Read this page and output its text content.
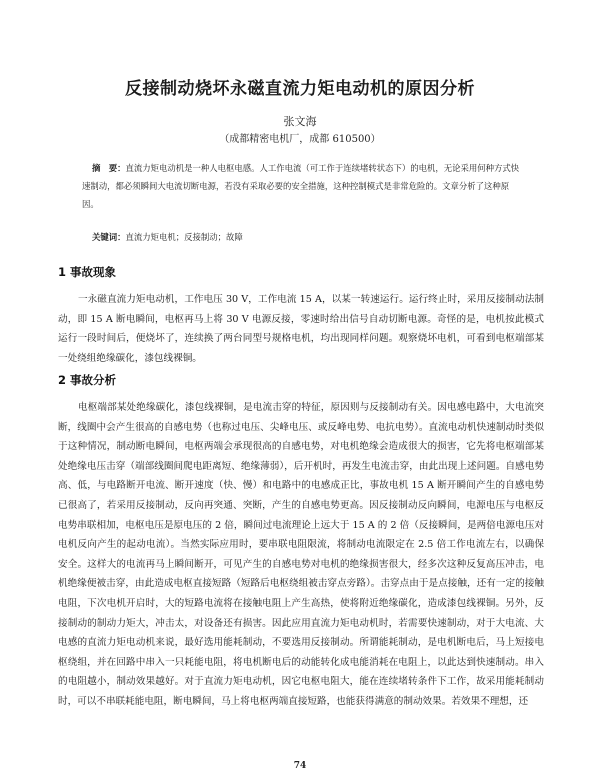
反接制动烧坏永磁直流力矩电动机的原因分析
张文海
（成都精密电机厂，成都 610500）
摘　要：直流力矩电动机是一种人电枢电感。人工作电流（可工作于连续堵转状态下）的电机，无论采用何种方式快速制动，都必须瞬间大电流切断电源，若没有采取必要的安全措施，这种控制模式是非常危险的。文章分析了这种原因。
关键词：直流力矩电机；反接制动；故障
1 事故现象
一永磁直流力矩电动机，工作电压 30 V，工作电流 15 A，以某一转速运行。运行终止时，采用反接制动法制动，即 15 A 断电瞬间，电枢再马上将 30 V 电源反接，零速时给出信号自动切断电源。奇怪的是，电机按此模式运行一段时间后，便烧坏了，连续换了两台同型号规格电机，均出现同样问题。观察烧坏电机，可看到电枢端部某一处绕组绝缘碳化，漆包线裸铜。
2 事故分析
电枢端部某处绝缘碳化，漆包线裸铜，是电流击穿的特征，原因则与反接制动有关。因电感电路中，大电流突断，线圈中会产生很高的自感电势（也称过电压、尖峰电压、或反峰电势、电抗电势）。直流电动机快速制动时类似于这种情况，制动断电瞬间，电枢两端会承现很高的自感电势，对电机绝缘会造成很大的损害，它先将电枢端部某处绝缘电压击穿（端部线圈间爬电距离短、绝缘薄弱），后开机时，再发生电流击穿，由此出现上述问题。自感电势高、低，与电路断开电流、断开速度（快、慢）和电路中的电感成正比，事故电机 15 A 断开瞬间产生的自感电势已很高了，若采用反接制动，反向再突通、突断，产生的自感电势更高。因反接制动反向瞬间，电源电压与电枢反电势串联相加，电枢电压是原电压的 2 倍，瞬间过电流理论上远大于 15 A 的 2 倍（反接瞬间，是两倍电源电压对电机反向产生的起动电流）。当然实际应用时，要串联电阻限流，将制动电流限定在 2.5 倍工作电流左右，以确保安全。这样大的电流再马上瞬间断开，可见产生的自感电势对电机的绝缘损害很大，经多次这种反复高压冲击，电机绝缘便被击穿，由此造成电枢直接短路（短路后电枢绕组被击穿点旁路）。击穿点由于是点接触，还有一定的接触电阻，下次电机开启时，大的短路电流将在接触电阻上产生高热，使将附近绝缘碳化，造成漆包线裸铜。另外，反接制动的制动力矩大，冲击太，对设备还有损害。因此应用直流力矩电动机时，若需要快速制动，对于大电流、大电感的直流力矩电动机来说，最好选用能耗制动，不要选用反接制动。所谓能耗制动，是电机断电后，马上短接电枢绕组，并在回路中串入一只耗能电阻，将电机断电后的动能转化成电能消耗在电阻上，以此达到快速制动。串入的电阻越小，制动效果越好。对于直流力矩电动机，因它电枢电阻大，能在连续堵转条件下工作，故采用能耗制动时，可以不串联耗能电阻，断电瞬间，马上将电枢两端直接短路，也能获得满意的制动效果。若效果不理想，还
74
